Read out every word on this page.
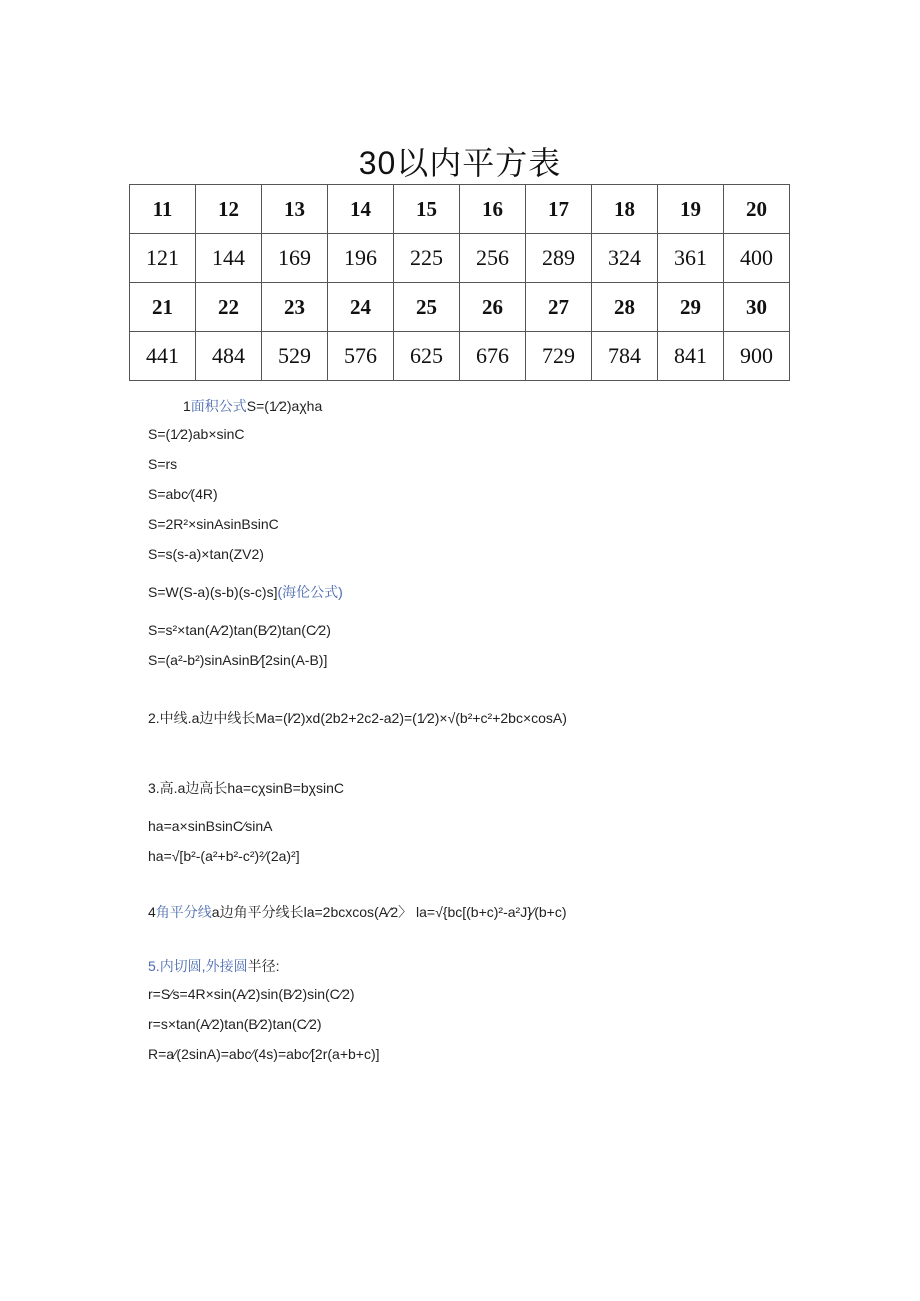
30以内平方表
11	12	13	14	15	16	17	18	19	20
121	144	169	196	225	256	289	324	361	400
21	22	23	24	25	26	27	28	29	30
441	484	529	576	625	676	729	784	841	900
1面积公式S=(1⁄2)aχha
S=(1⁄2)ab×sinC
S=rs
S=abc⁄(4R)
S=2R²×sinAsinBsinC
S=s(s-a)×tan(ZV2)
S=W(S-a)(s-b)(s-c)s](海伦公式)
S=s²×tan(A⁄2)tan(B⁄2)tan(C⁄2)
S=(a²-b²)sinAsinB⁄[2sin(A-B)]
2.中线.a边中线长Ma=(l⁄2)xd(2b2+2c2-a2)=(1⁄2)×√(b²+c²+2bc×cosA)
3.高.a边高长ha=cχsinB=bχsinC
ha=a×sinBsinC⁄sinA
ha=√[b²-(a²+b²-c²)²⁄(2a)²]
4角平分线a边角平分线长la=2bcxcos(A⁄2〉 la=√{bc[(b+c)²-a²J}⁄(b+c)
5.内切圆,外接圆半径:
r=S⁄s=4R×sin(A⁄2)sin(B⁄2)sin(C⁄2)
r=s×tan(A⁄2)tan(B⁄2)tan(C⁄2)
R=a⁄(2sinA)=abc⁄(4s)=abc⁄[2r(a+b+c)]
